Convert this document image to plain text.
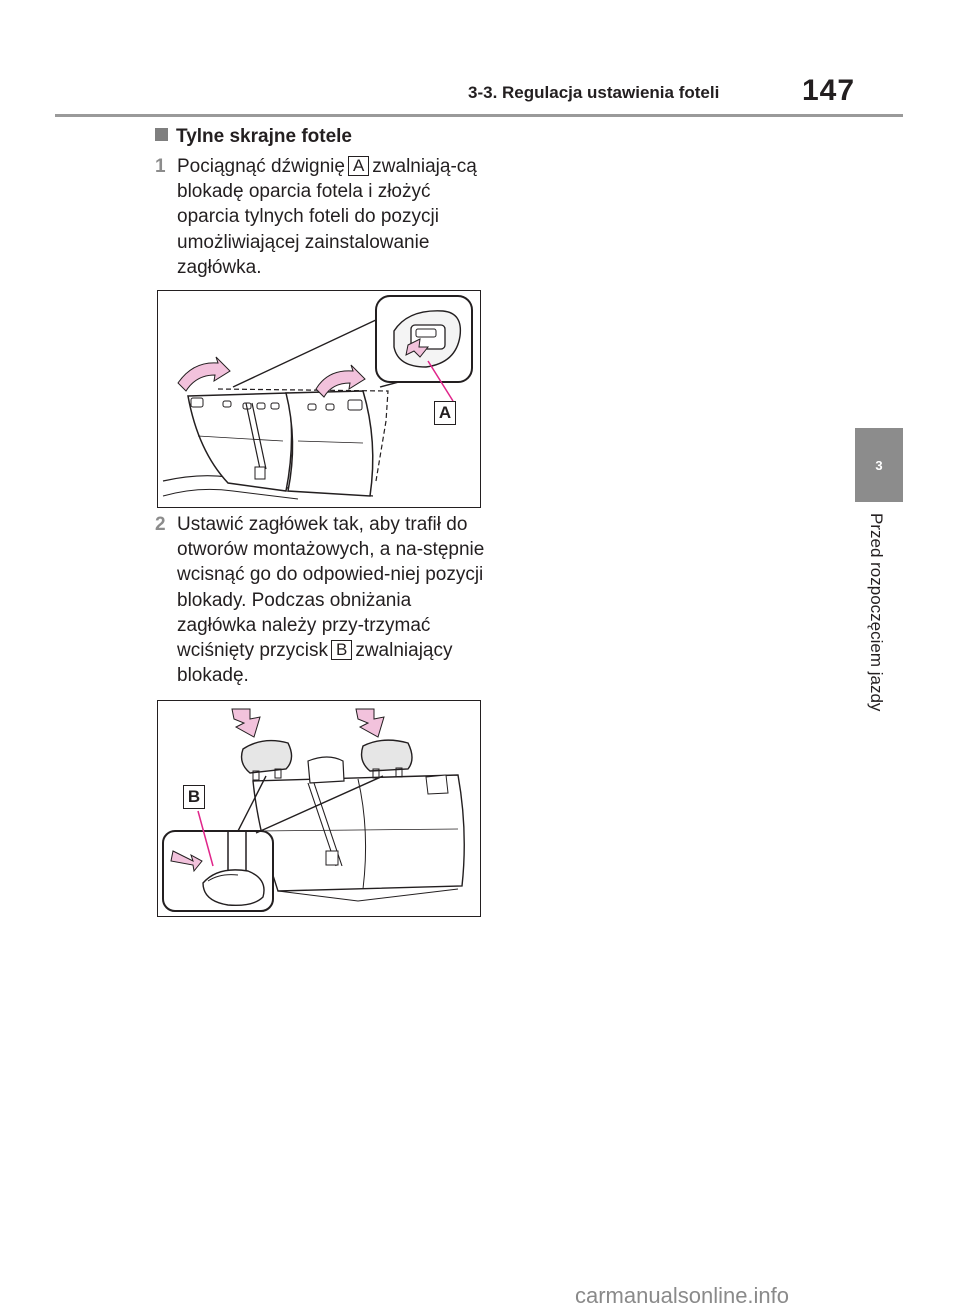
3-3. Regulacja ustawienia foteli	147
3
Przed rozpoczęciem jazdy
Tylne skrajne fotele
1 Pociągnąć dźwignię A zwalniają-cą blokadę oparcia fotela i złożyć oparcia tylnych foteli do pozycji umożliwiającej zainstalowanie zagłówka.
A
2 Ustawić zagłówek tak, aby trafił do otworów montażowych, a na-stępnie wcisnąć go do odpowied-niej pozycji blokady. Podczas obniżania zagłówka należy przy-trzymać wciśnięty przycisk B zwalniający blokadę.
B
carmanualsonline.info
